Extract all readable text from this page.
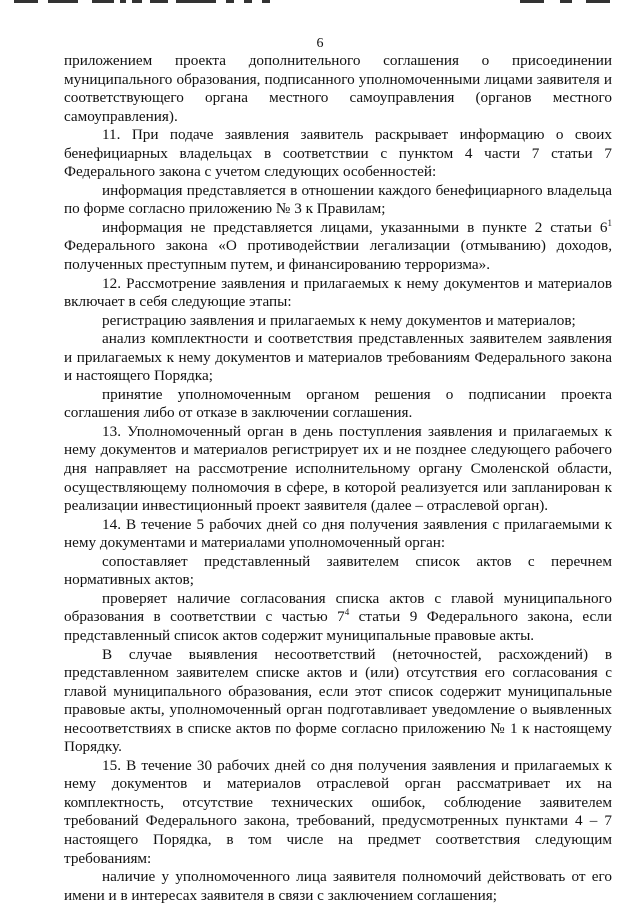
6

приложением проекта дополнительного соглашения о присоединении муниципального образования, подписанного уполномоченными лицами заявителя и соответствующего органа местного самоуправления (органов местного самоуправления).

11. При подаче заявления заявитель раскрывает информацию о своих бенефициарных владельцах в соответствии с пунктом 4 части 7 статьи 7 Федерального закона с учетом следующих особенностей:

информация представляется в отношении каждого бенефициарного владельца по форме согласно приложению № 3 к Правилам;

информация не представляется лицами, указанными в пункте 2 статьи $6^1$ Федерального закона «О противодействии легализации (отмыванию) доходов, полученных преступным путем, и финансированию терроризма».

12. Рассмотрение заявления и прилагаемых к нему документов и материалов включает в себя следующие этапы:

регистрацию заявления и прилагаемых к нему документов и материалов;

анализ комплектности и соответствия представленных заявителем заявления и прилагаемых к нему документов и материалов требованиям Федерального закона и настоящего Порядка;

принятие уполномоченным органом решения о подписании проекта соглашения либо от отказе в заключении соглашения.

13. Уполномоченный орган в день поступления заявления и прилагаемых к нему документов и материалов регистрирует их и не позднее следующего рабочего дня направляет на рассмотрение исполнительному органу Смоленской области, осуществляющему полномочия в сфере, в которой реализуется или запланирован к реализации инвестиционный проект заявителя (далее – отраслевой орган).

14. В течение 5 рабочих дней со дня получения заявления с прилагаемыми к нему документами и материалами уполномоченный орган:

сопоставляет представленный заявителем список актов с перечнем нормативных актов;

проверяет наличие согласования списка актов с главой муниципального образования в соответствии с частью $7^4$ статьи 9 Федерального закона, если представленный список актов содержит муниципальные правовые акты.

В случае выявления несоответствий (неточностей, расхождений) в представленном заявителем списке актов и (или) отсутствия его согласования с главой муниципального образования, если этот список содержит муниципальные правовые акты, уполномоченный орган подготавливает уведомление о выявленных несоответствиях в списке актов по форме согласно приложению № 1 к настоящему Порядку.

15. В течение 30 рабочих дней со дня получения заявления и прилагаемых к нему документов и материалов отраслевой орган рассматривает их на комплектность, отсутствие технических ошибок, соблюдение заявителем требований Федерального закона, требований, предусмотренных пунктами 4 – 7 настоящего Порядка, в том числе на предмет соответствия следующим требованиям:

наличие у уполномоченного лица заявителя полномочий действовать от его имени и в интересах заявителя в связи с заключением соглашения;
